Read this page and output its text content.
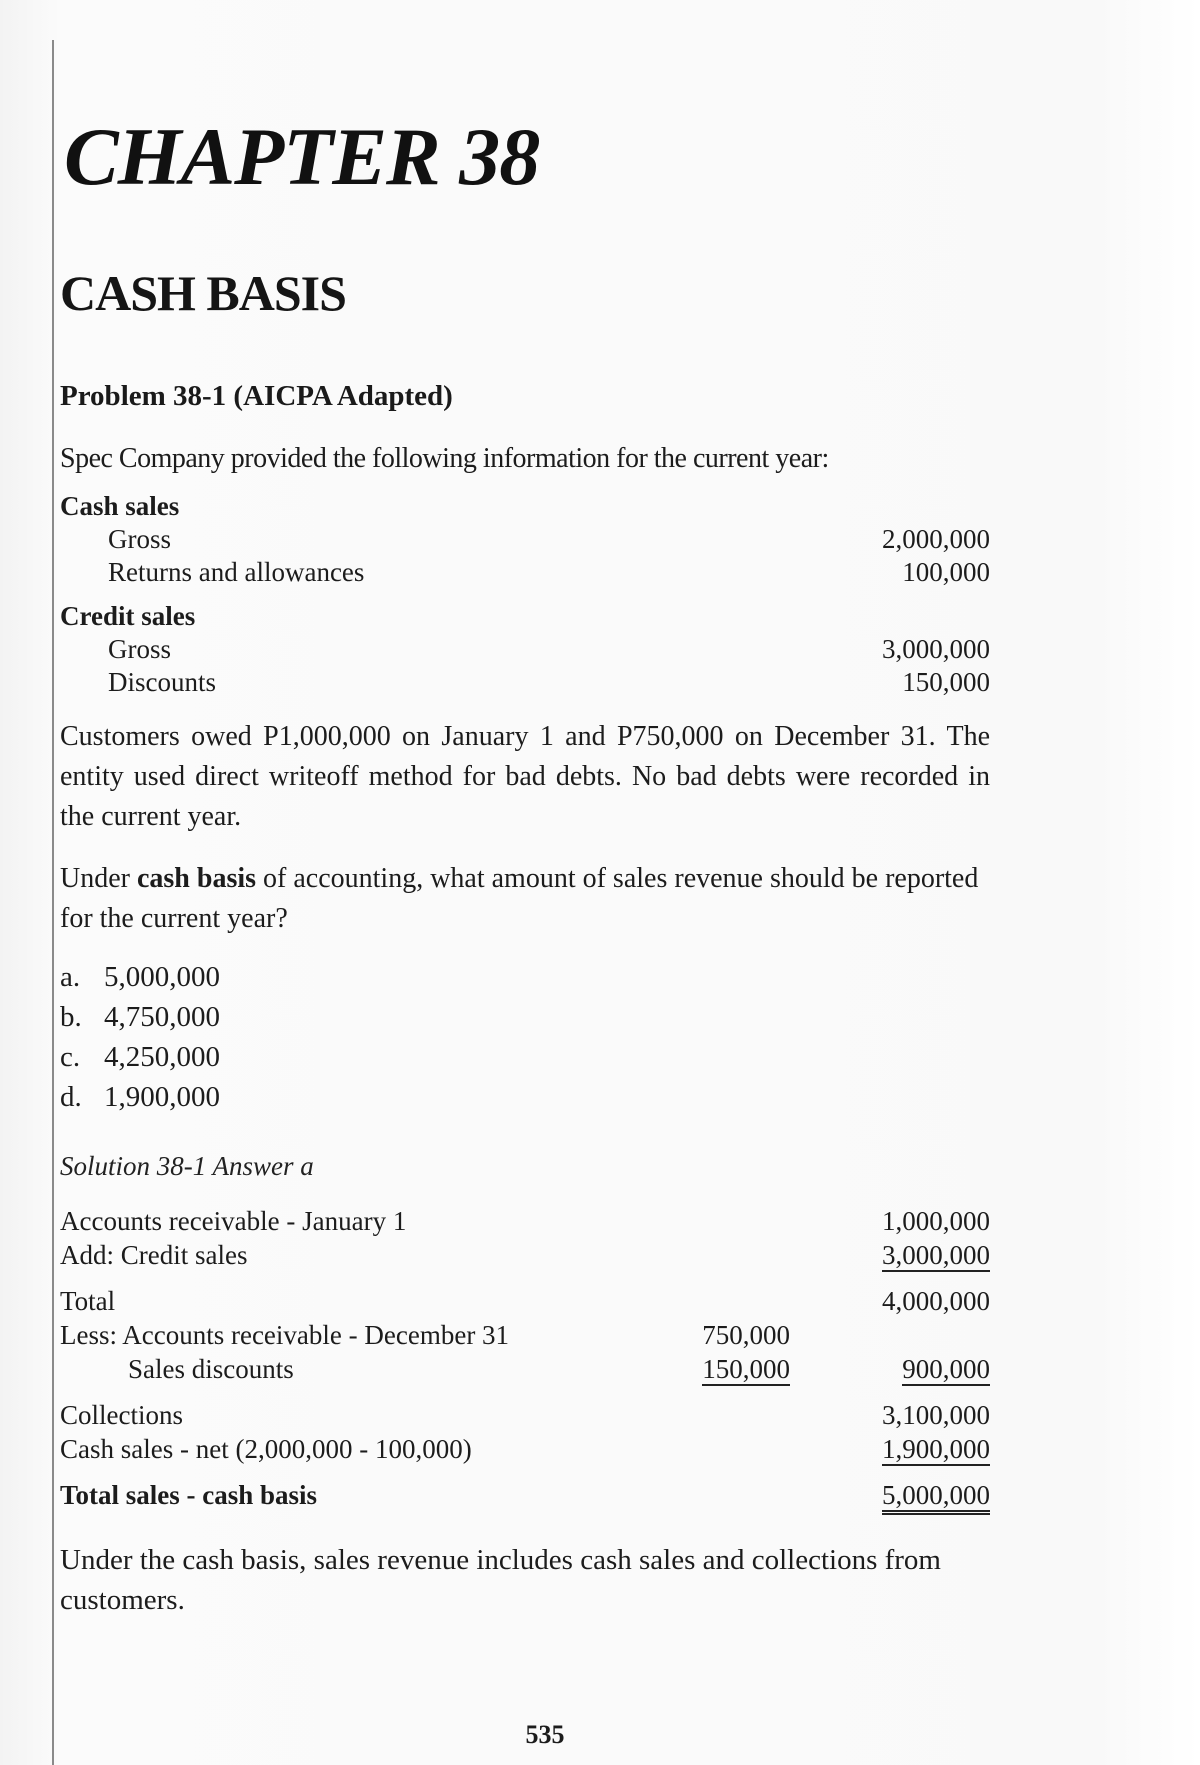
CHAPTER 38
CASH BASIS
Problem 38-1 (AICPA Adapted)

Spec Company provided the following information for the current year:

Cash sales
Gross	2,000,000
Returns and allowances	100,000
Credit sales
Gross	3,000,000
Discounts	150,000

Customers owed P1,000,000 on January 1 and P750,000 on December 31. The entity used direct writeoff method for bad debts. No bad debts were recorded in the current year.

Under cash basis of accounting, what amount of sales revenue should be reported for the current year?

a. 5,000,000
b. 4,750,000
c. 4,250,000
d. 1,900,000
Solution 38-1 Answer a
Accounts receivable - January 1	1,000,000
Add: Credit sales	3,000,000
Total	4,000,000
Less: Accounts receivable - December 31	750,000
Sales discounts	150,000	900,000
Collections	3,100,000
Cash sales - net (2,000,000 - 100,000)	1,900,000
Total sales - cash basis	5,000,000

Under the cash basis, sales revenue includes cash sales and collections from customers.

535
